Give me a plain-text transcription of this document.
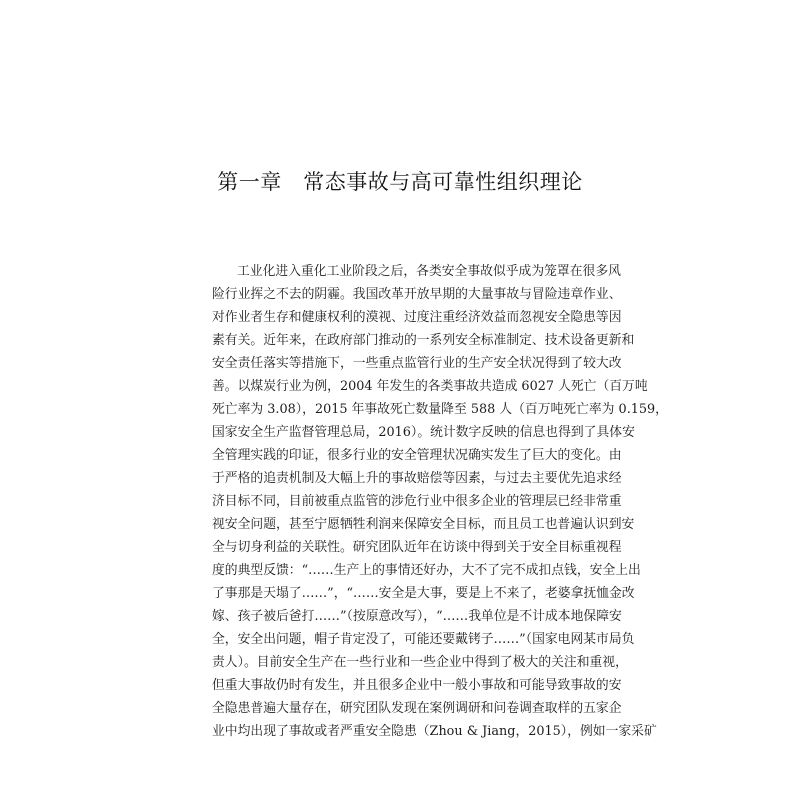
第一章　常态事故与高可靠性组织理论
工业化进入重化工业阶段之后，各类安全事故似乎成为笼罩在很多风
险行业挥之不去的阴霾。我国改革开放早期的大量事故与冒险违章作业、
对作业者生存和健康权利的漠视、过度注重经济效益而忽视安全隐患等因
素有关。近年来，在政府部门推动的一系列安全标准制定、技术设备更新和
安全责任落实等措施下，一些重点监管行业的生产安全状况得到了较大改
善。以煤炭行业为例，2004 年发生的各类事故共造成 6027 人死亡（百万吨
死亡率为 3.08），2015 年事故死亡数量降至 588 人（百万吨死亡率为 0.159，
国家安全生产监督管理总局，2016）。统计数字反映的信息也得到了具体安
全管理实践的印证，很多行业的安全管理状况确实发生了巨大的变化。由
于严格的追责机制及大幅上升的事故赔偿等因素，与过去主要优先追求经
济目标不同，目前被重点监管的涉危行业中很多企业的管理层已经非常重
视安全问题，甚至宁愿牺牲利润来保障安全目标，而且员工也普遍认识到安
全与切身利益的关联性。研究团队近年在访谈中得到关于安全目标重视程
度的典型反馈：“……生产上的事情还好办，大不了完不成扣点钱，安全上出
了事那是天塌了……”，“……安全是大事，要是上不来了，老婆拿抚恤金改
嫁、孩子被后爸打……”（按原意改写），“……我单位是不计成本地保障安
全，安全出问题，帽子肯定没了，可能还要戴铐子……”（国家电网某市局负
责人）。目前安全生产在一些行业和一些企业中得到了极大的关注和重视，
但重大事故仍时有发生，并且很多企业中一般小事故和可能导致事故的安
全隐患普遍大量存在，研究团队发现在案例调研和问卷调查取样的五家企
业中均出现了事故或者严重安全隐患（Zhou & Jiang，2015），例如一家采矿
